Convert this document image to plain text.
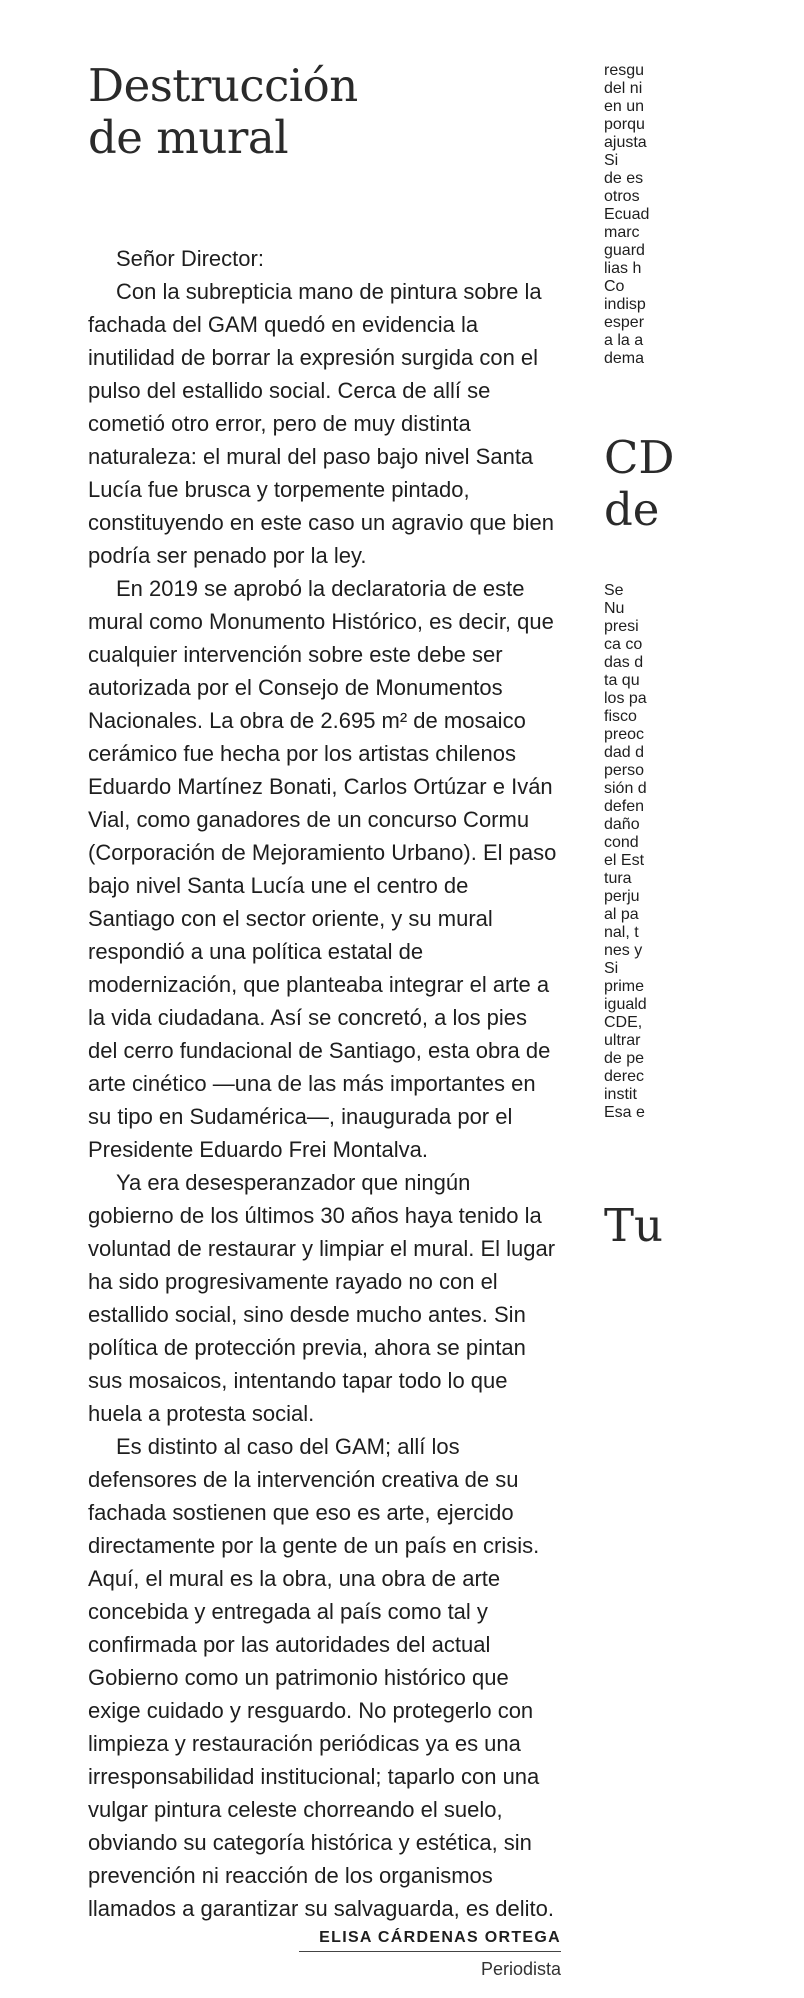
Destrucción
de mural
Señor Director:

Con la subrepticia mano de pintura sobre la fachada del GAM quedó en evidencia la inutilidad de borrar la expresión surgida con el pulso del estallido social. Cerca de allí se cometió otro error, pero de muy distinta naturaleza: el mural del paso bajo nivel Santa Lucía fue brusca y torpemente pintado, constituyendo en este caso un agravio que bien podría ser penado por la ley.

En 2019 se aprobó la declaratoria de este mural como Monumento Histórico, es decir, que cualquier intervención sobre este debe ser autorizada por el Consejo de Monumentos Nacionales. La obra de 2.695 m² de mosaico cerámico fue hecha por los artistas chilenos Eduardo Martínez Bonati, Carlos Ortúzar e Iván Vial, como ganadores de un concurso Cormu (Corporación de Mejoramiento Urbano). El paso bajo nivel Santa Lucía une el centro de Santiago con el sector oriente, y su mural respondió a una política estatal de modernización, que planteaba integrar el arte a la vida ciudadana. Así se concretó, a los pies del cerro fundacional de Santiago, esta obra de arte cinético —una de las más importantes en su tipo en Sudamérica—, inaugurada por el Presidente Eduardo Frei Montalva.

Ya era desesperanzador que ningún gobierno de los últimos 30 años haya tenido la voluntad de restaurar y limpiar el mural. El lugar ha sido progresivamente rayado no con el estallido social, sino desde mucho antes. Sin política de protección previa, ahora se pintan sus mosaicos, intentando tapar todo lo que huela a protesta social.

Es distinto al caso del GAM; allí los defensores de la intervención creativa de su fachada sostienen que eso es arte, ejercido directamente por la gente de un país en crisis. Aquí, el mural es la obra, una obra de arte concebida y entregada al país como tal y confirmada por las autoridades del actual Gobierno como un patrimonio histórico que exige cuidado y resguardo. No protegerlo con limpieza y restauración periódicas ya es una irresponsabilidad institucional; taparlo con una vulgar pintura celeste chorreando el suelo, obviando su categoría histórica y estética, sin prevención ni reacción de los organismos llamados a garantizar su salvaguarda, es delito.

ELISA CÁRDENAS ORTEGA
Periodista
resgu
del ni
en un
porqu
ajusta
Si
de es
otros
Ecuad
marc
guard
lias h
Co
indisp
esper
a la a
dema
CD
de
Se
Nu
presi
ca co
das d
ta qu
los pa
fisco
preoc
dad d
perso
sión d
defen
daño
cond
el Est
tura
perju
al pa
nal, t
nes y
Si
prime
iguald
CDE,
ultrar
de pe
derec
instit
Esa e
Tu
